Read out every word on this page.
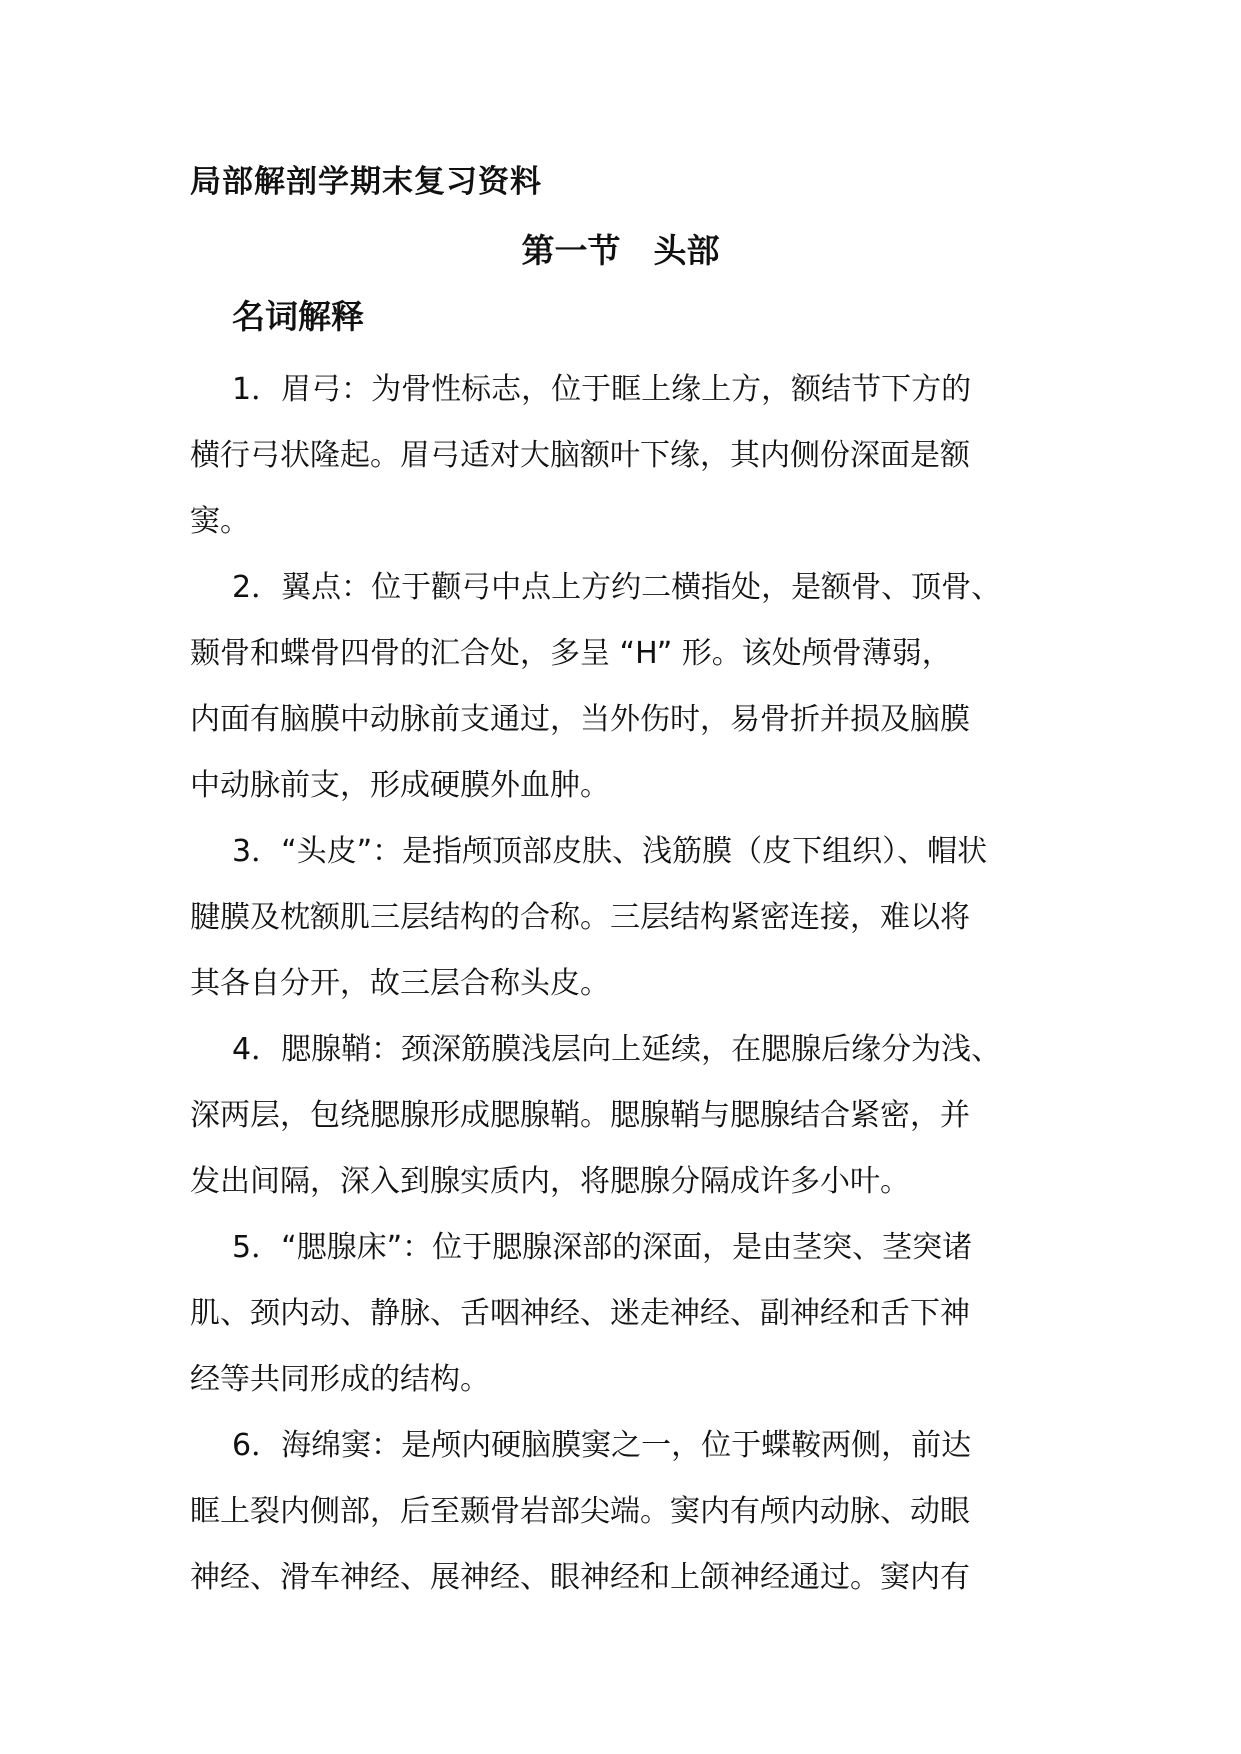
局部解剖学期末复习资料
第一节　头部
名词解释
1．眉弓：为骨性标志，位于眶上缘上方，额结节下方的
横行弓状隆起。眉弓适对大脑额叶下缘，其内侧份深面是额
窦。
2．翼点：位于颧弓中点上方约二横指处，是额骨、顶骨、
颞骨和蝶骨四骨的汇合处，多呈 “H” 形。该处颅骨薄弱，
内面有脑膜中动脉前支通过，当外伤时，易骨折并损及脑膜
中动脉前支，形成硬膜外血肿。
3．“头皮”：是指颅顶部皮肤、浅筋膜（皮下组织）、帽状
腱膜及枕额肌三层结构的合称。三层结构紧密连接，难以将
其各自分开，故三层合称头皮。
4．腮腺鞘：颈深筋膜浅层向上延续，在腮腺后缘分为浅、
深两层，包绕腮腺形成腮腺鞘。腮腺鞘与腮腺结合紧密，并
发出间隔，深入到腺实质内，将腮腺分隔成许多小叶。
5．“腮腺床”：位于腮腺深部的深面，是由茎突、茎突诸
肌、颈内动、静脉、舌咽神经、迷走神经、副神经和舌下神
经等共同形成的结构。
6．海绵窦：是颅内硬脑膜窦之一，位于蝶鞍两侧，前达
眶上裂内侧部，后至颞骨岩部尖端。窦内有颅内动脉、动眼
神经、滑车神经、展神经、眼神经和上颌神经通过。窦内有
